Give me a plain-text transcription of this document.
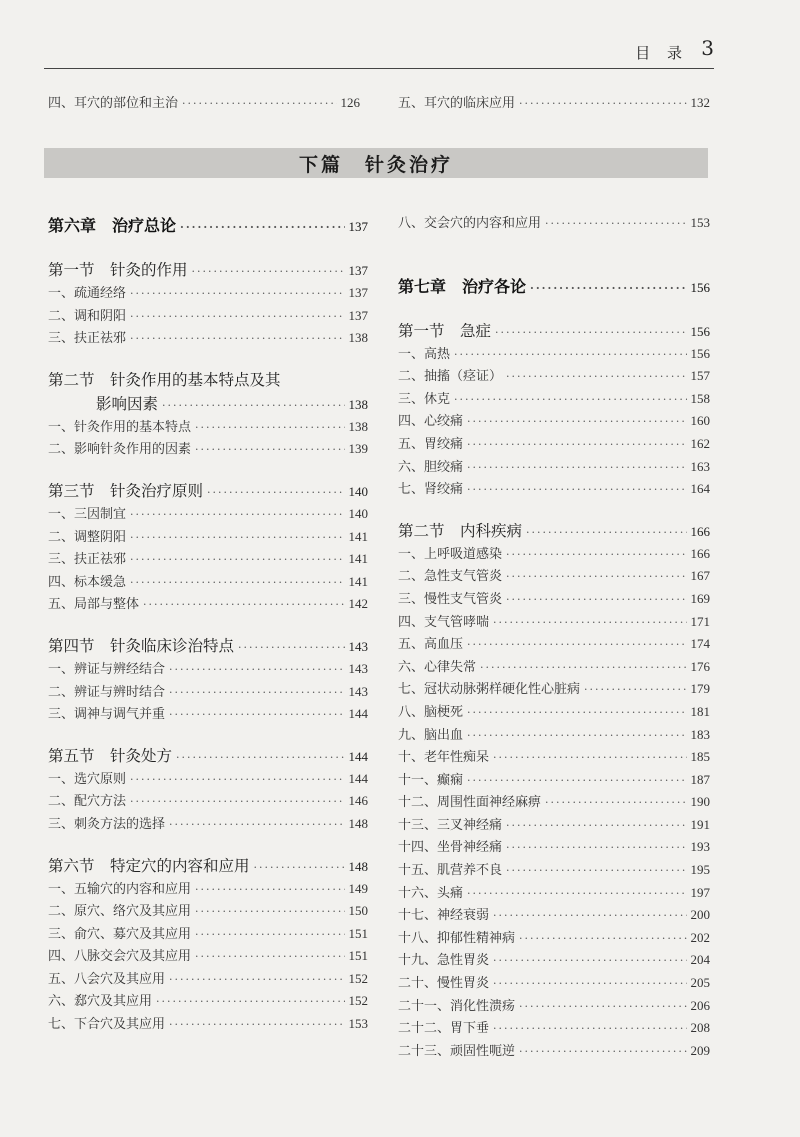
目 录 3
四、耳穴的部位和主治 ·····	126	五、耳穴的临床应用 ·····	132
下篇　针灸治疗
第六章　治疗总论 ·····	137
第一节　针灸的作用 ·····	137
一、疏通经络 ·····	137
二、调和阴阳 ·····	137
三、扶正祛邪 ·····	138
第二节　针灸作用的基本特点及其
影响因素 ·····	138
一、针灸作用的基本特点 ·····	138
二、影响针灸作用的因素 ·····	139
第三节　针灸治疗原则 ·····	140
一、三因制宜 ·····	140
二、调整阴阳 ·····	141
三、扶正祛邪 ·····	141
四、标本缓急 ·····	141
五、局部与整体 ·····	142
第四节　针灸临床诊治特点 ·····	143
一、辨证与辨经结合 ·····	143
二、辨证与辨时结合 ·····	143
三、调神与调气并重 ·····	144
第五节　针灸处方 ·····	144
一、选穴原则 ·····	144
二、配穴方法 ·····	146
三、刺灸方法的选择 ·····	148
第六节　特定穴的内容和应用 ·····	148
一、五输穴的内容和应用 ·····	149
二、原穴、络穴及其应用 ·····	150
三、俞穴、募穴及其应用 ·····	151
四、八脉交会穴及其应用 ·····	151
五、八会穴及其应用 ·····	152
六、郄穴及其应用 ·····	152
七、下合穴及其应用 ·····	153
八、交会穴的内容和应用 ·····	153
第七章　治疗各论 ·····	156
第一节　急症 ·····	156
一、高热 ·····	156
二、抽搐（痉证） ·····	157
三、休克 ·····	158
四、心绞痛 ·····	160
五、胃绞痛 ·····	162
六、胆绞痛 ·····	163
七、肾绞痛 ·····	164
第二节　内科疾病 ·····	166
一、上呼吸道感染 ·····	166
二、急性支气管炎 ·····	167
三、慢性支气管炎 ·····	169
四、支气管哮喘 ·····	171
五、高血压 ·····	174
六、心律失常 ·····	176
七、冠状动脉粥样硬化性心脏病 ·····	179
八、脑梗死 ·····	181
九、脑出血 ·····	183
十、老年性痴呆 ·····	185
十一、癫痫 ·····	187
十二、周围性面神经麻痹 ·····	190
十三、三叉神经痛 ·····	191
十四、坐骨神经痛 ·····	193
十五、肌营养不良 ·····	195
十六、头痛 ·····	197
十七、神经衰弱 ·····	200
十八、抑郁性精神病 ·····	202
十九、急性胃炎 ·····	204
二十、慢性胃炎 ·····	205
二十一、消化性溃疡 ·····	206
二十二、胃下垂 ·····	208
二十三、顽固性呃逆 ·····	209
